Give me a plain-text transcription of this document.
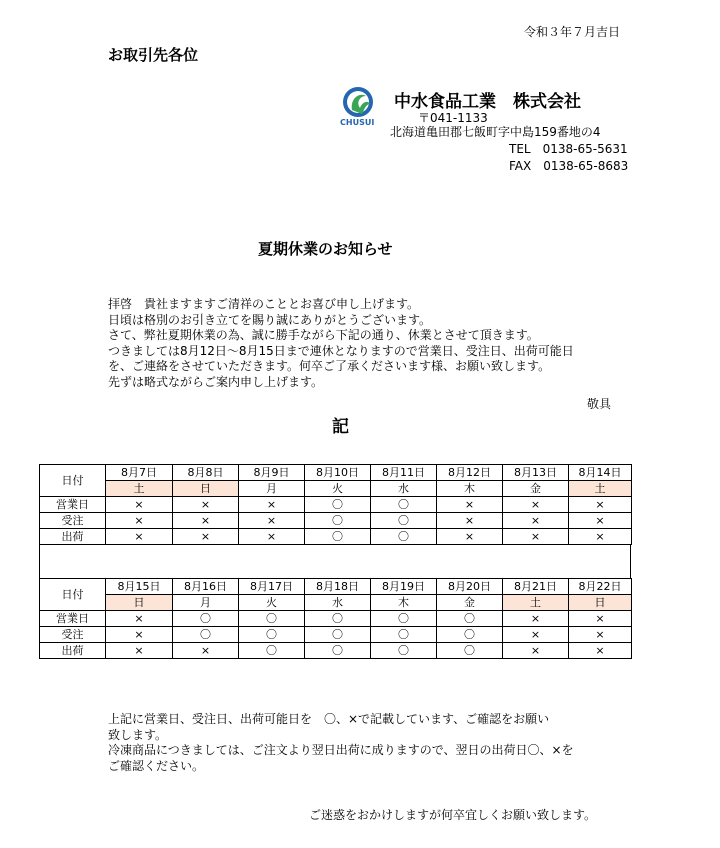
令和３年７月吉日
お取引先各位
CHUSUI
中水食品工業　株式会社
〒041-1133
北海道亀田郡七飯町字中島159番地の4
TEL　0138-65-5631
FAX　0138-65-8683
夏期休業のお知らせ
拝啓　貴社ますますご清祥のこととお喜び申し上げます。
日頃は格別のお引き立てを賜り誠にありがとうございます。
さて、弊社夏期休業の為、誠に勝手ながら下記の通り、休業とさせて頂きます。
つきましては8月12日～8月15日まで連休となりますので営業日、受注日、出荷可能日
を、ご連絡をさせていただきます。何卒ご了承くださいます様、お願い致します。
先ずは略式ながらご案内申し上げます。
敬具
記
日付	8月7日	8月8日	8月9日	8月10日	8月11日	8月12日	8月13日	8月14日
	土	日	月	火	水	木	金	土
営業日	×	×	×	〇	〇	×	×	×
受注	×	×	×	〇	〇	×	×	×
出荷	×	×	×	〇	〇	×	×	×
日付	8月15日	8月16日	8月17日	8月18日	8月19日	8月20日	8月21日	8月22日
	日	月	火	水	木	金	土	日
営業日	×	〇	〇	〇	〇	〇	×	×
受注	×	〇	〇	〇	〇	〇	×	×
出荷	×	×	〇	〇	〇	〇	×	×
上記に営業日、受注日、出荷可能日を　〇、×で記載しています、ご確認をお願い
致します。
冷凍商品につきましては、ご注文より翌日出荷に成りますので、翌日の出荷日〇、×を
ご確認ください。
ご迷惑をおかけしますが何卒宜しくお願い致します。
